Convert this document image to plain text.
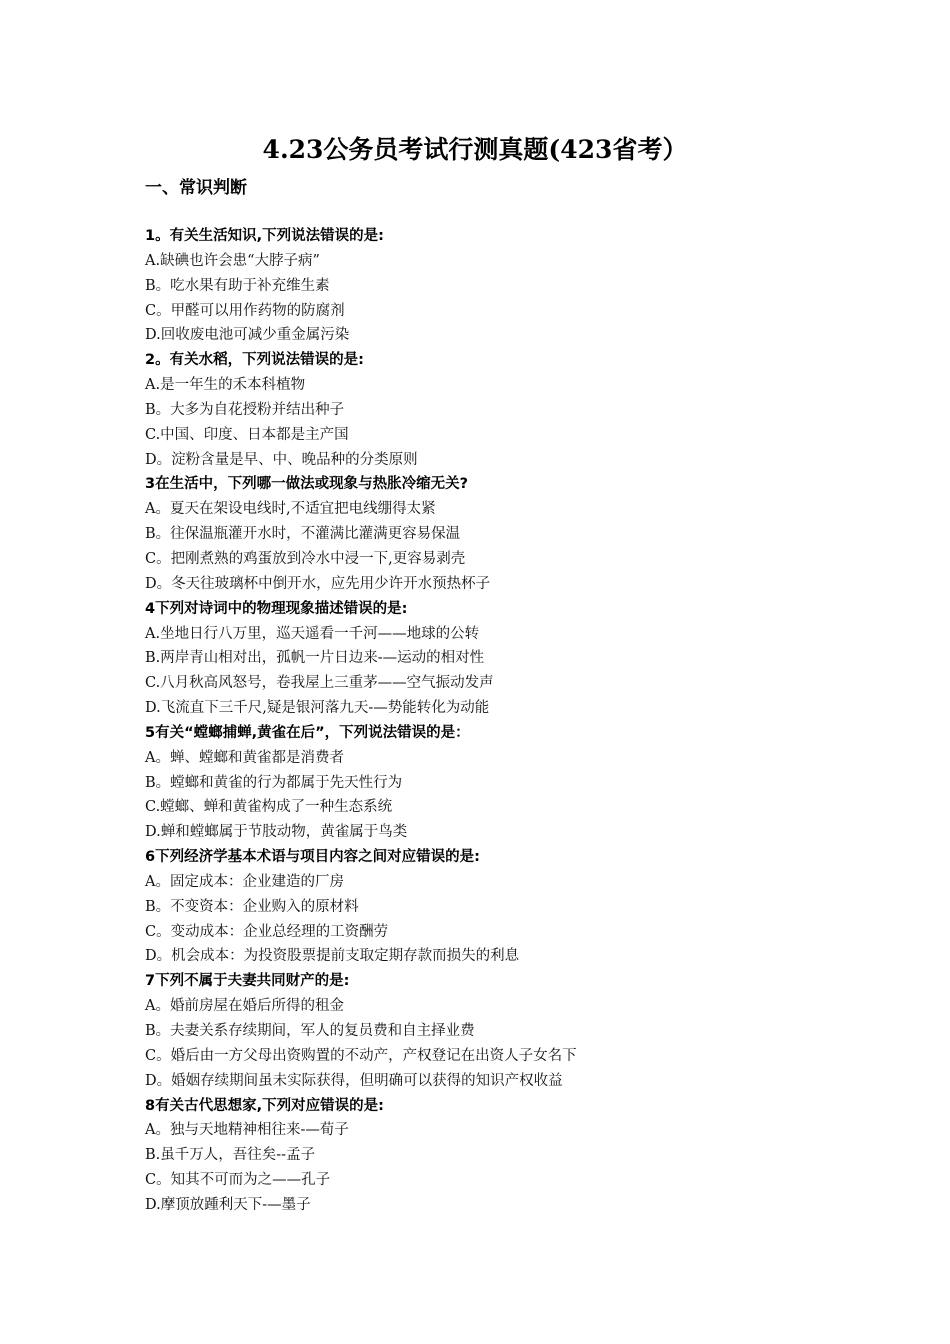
4.23公务员考试行测真题(423省考）
一、常识判断
1。有关生活知识,下列说法错误的是:
A.缺碘也许会患“大脖子病”
B。吃水果有助于补充维生素
C。甲醛可以用作药物的防腐剂
D.回收废电池可减少重金属污染
2。有关水稻，下列说法错误的是:
A.是一年生的禾本科植物
B。大多为自花授粉并结出种子
C.中国、印度、日本都是主产国
D。淀粉含量是早、中、晚品种的分类原则
3在生活中，下列哪一做法或现象与热胀冷缩无关?
A。夏天在架设电线时,不适宜把电线绷得太紧
B。往保温瓶灌开水时，不灌满比灌满更容易保温
C。把刚煮熟的鸡蛋放到冷水中浸一下,更容易剥壳
D。冬天往玻璃杯中倒开水，应先用少许开水预热杯子
4下列对诗词中的物理现象描述错误的是:
A.坐地日行八万里，巡天遥看一千河——地球的公转
B.两岸青山相对出，孤帆一片日边来-—运动的相对性
C.八月秋高风怒号，卷我屋上三重茅——空气振动发声
D.飞流直下三千尺,疑是银河落九天-—势能转化为动能
5有关“螳螂捕蝉,黄雀在后”，下列说法错误的是：
A。蝉、螳螂和黄雀都是消费者
B。螳螂和黄雀的行为都属于先天性行为
C.螳螂、蝉和黄雀构成了一种生态系统
D.蝉和螳螂属于节肢动物，黄雀属于鸟类
6下列经济学基本术语与项目内容之间对应错误的是:
A。固定成本：企业建造的厂房
B。不变资本：企业购入的原材料
C。变动成本：企业总经理的工资酬劳
D。机会成本：为投资股票提前支取定期存款而损失的利息
7下列不属于夫妻共同财产的是:
A。婚前房屋在婚后所得的租金
B。夫妻关系存续期间，军人的复员费和自主择业费
C。婚后由一方父母出资购置的不动产，产权登记在出资人子女名下
D。婚姻存续期间虽未实际获得，但明确可以获得的知识产权收益
8有关古代思想家,下列对应错误的是:
A。独与天地精神相往来-—荀子
B.虽千万人，吾往矣--孟子
C。知其不可而为之——孔子
D.摩顶放踵利天下-—墨子
